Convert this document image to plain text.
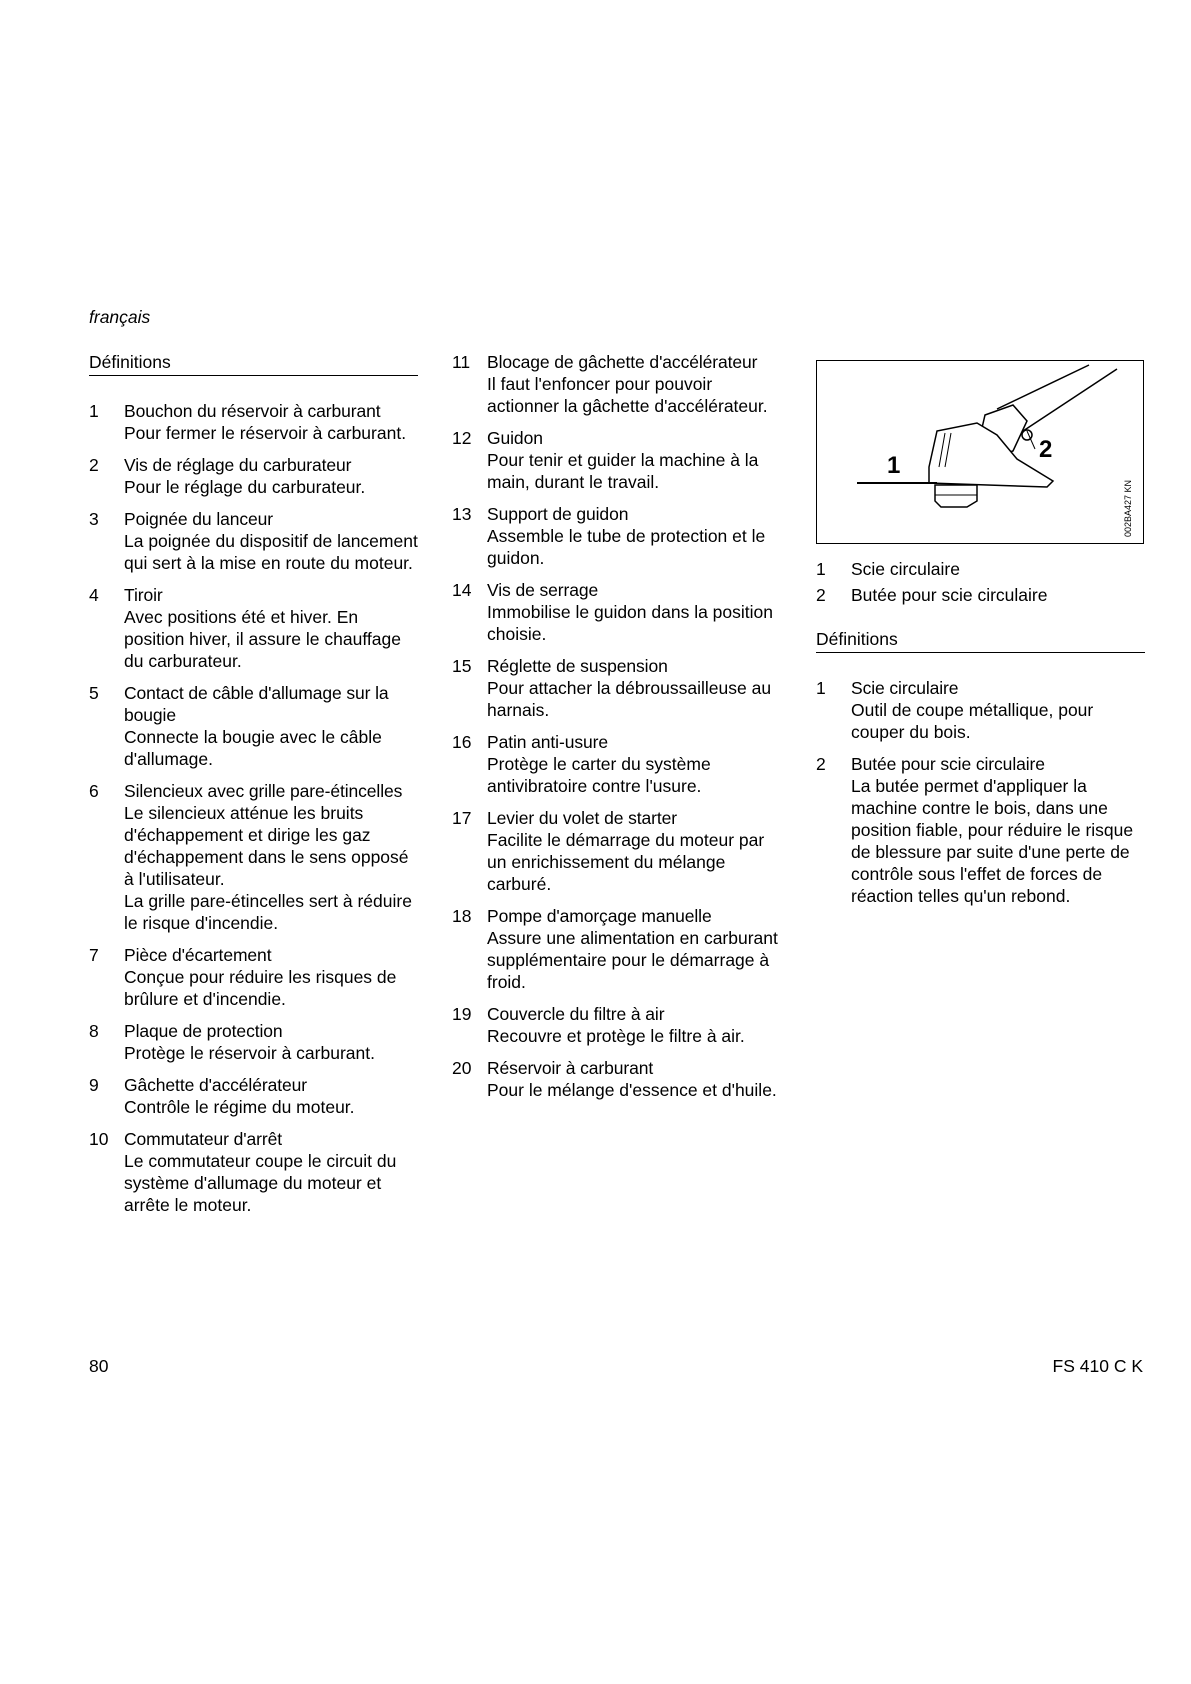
français
Définitions
1	Bouchon du réservoir à carburant
Pour fermer le réservoir à carburant.
2	Vis de réglage du carburateur
Pour le réglage du carburateur.
3	Poignée du lanceur
La poignée du dispositif de lancement qui sert à la mise en route du moteur.
4	Tiroir
Avec positions été et hiver. En position hiver, il assure le chauffage du carburateur.
5	Contact de câble d'allumage sur la bougie
Connecte la bougie avec le câble d'allumage.
6	Silencieux avec grille pare-étincelles
Le silencieux atténue les bruits d'échappement et dirige les gaz d'échappement dans le sens opposé à l'utilisateur.
La grille pare-étincelles sert à réduire le risque d'incendie.
7	Pièce d'écartement
Conçue pour réduire les risques de brûlure et d'incendie.
8	Plaque de protection
Protège le réservoir à carburant.
9	Gâchette d'accélérateur
Contrôle le régime du moteur.
10 Commutateur d'arrêt
Le commutateur coupe le circuit du système d'allumage du moteur et arrête le moteur.
11 Blocage de gâchette d'accélérateur
Il faut l'enfoncer pour pouvoir actionner la gâchette d'accélérateur.
12 Guidon
Pour tenir et guider la machine à la main, durant le travail.
13 Support de guidon
Assemble le tube de protection et le guidon.
14 Vis de serrage
Immobilise le guidon dans la position choisie.
15 Réglette de suspension
Pour attacher la débroussailleuse au harnais.
16 Patin anti-usure
Protège le carter du système antivibratoire contre l'usure.
17 Levier du volet de starter
Facilite le démarrage du moteur par un enrichissement du mélange carburé.
18 Pompe d'amorçage manuelle
Assure une alimentation en carburant supplémentaire pour le démarrage à froid.
19 Couvercle du filtre à air
Recouvre et protège le filtre à air.
20 Réservoir à carburant
Pour le mélange d'essence et d'huile.
1
2
002BA427 KN
1	Scie circulaire
2	Butée pour scie circulaire
Définitions
1	Scie circulaire
Outil de coupe métallique, pour couper du bois.
2	Butée pour scie circulaire
La butée permet d'appliquer la machine contre le bois, dans une position fiable, pour réduire le risque de blessure par suite d'une perte de contrôle sous l'effet de forces de réaction telles qu'un rebond.
80	FS 410 C K
